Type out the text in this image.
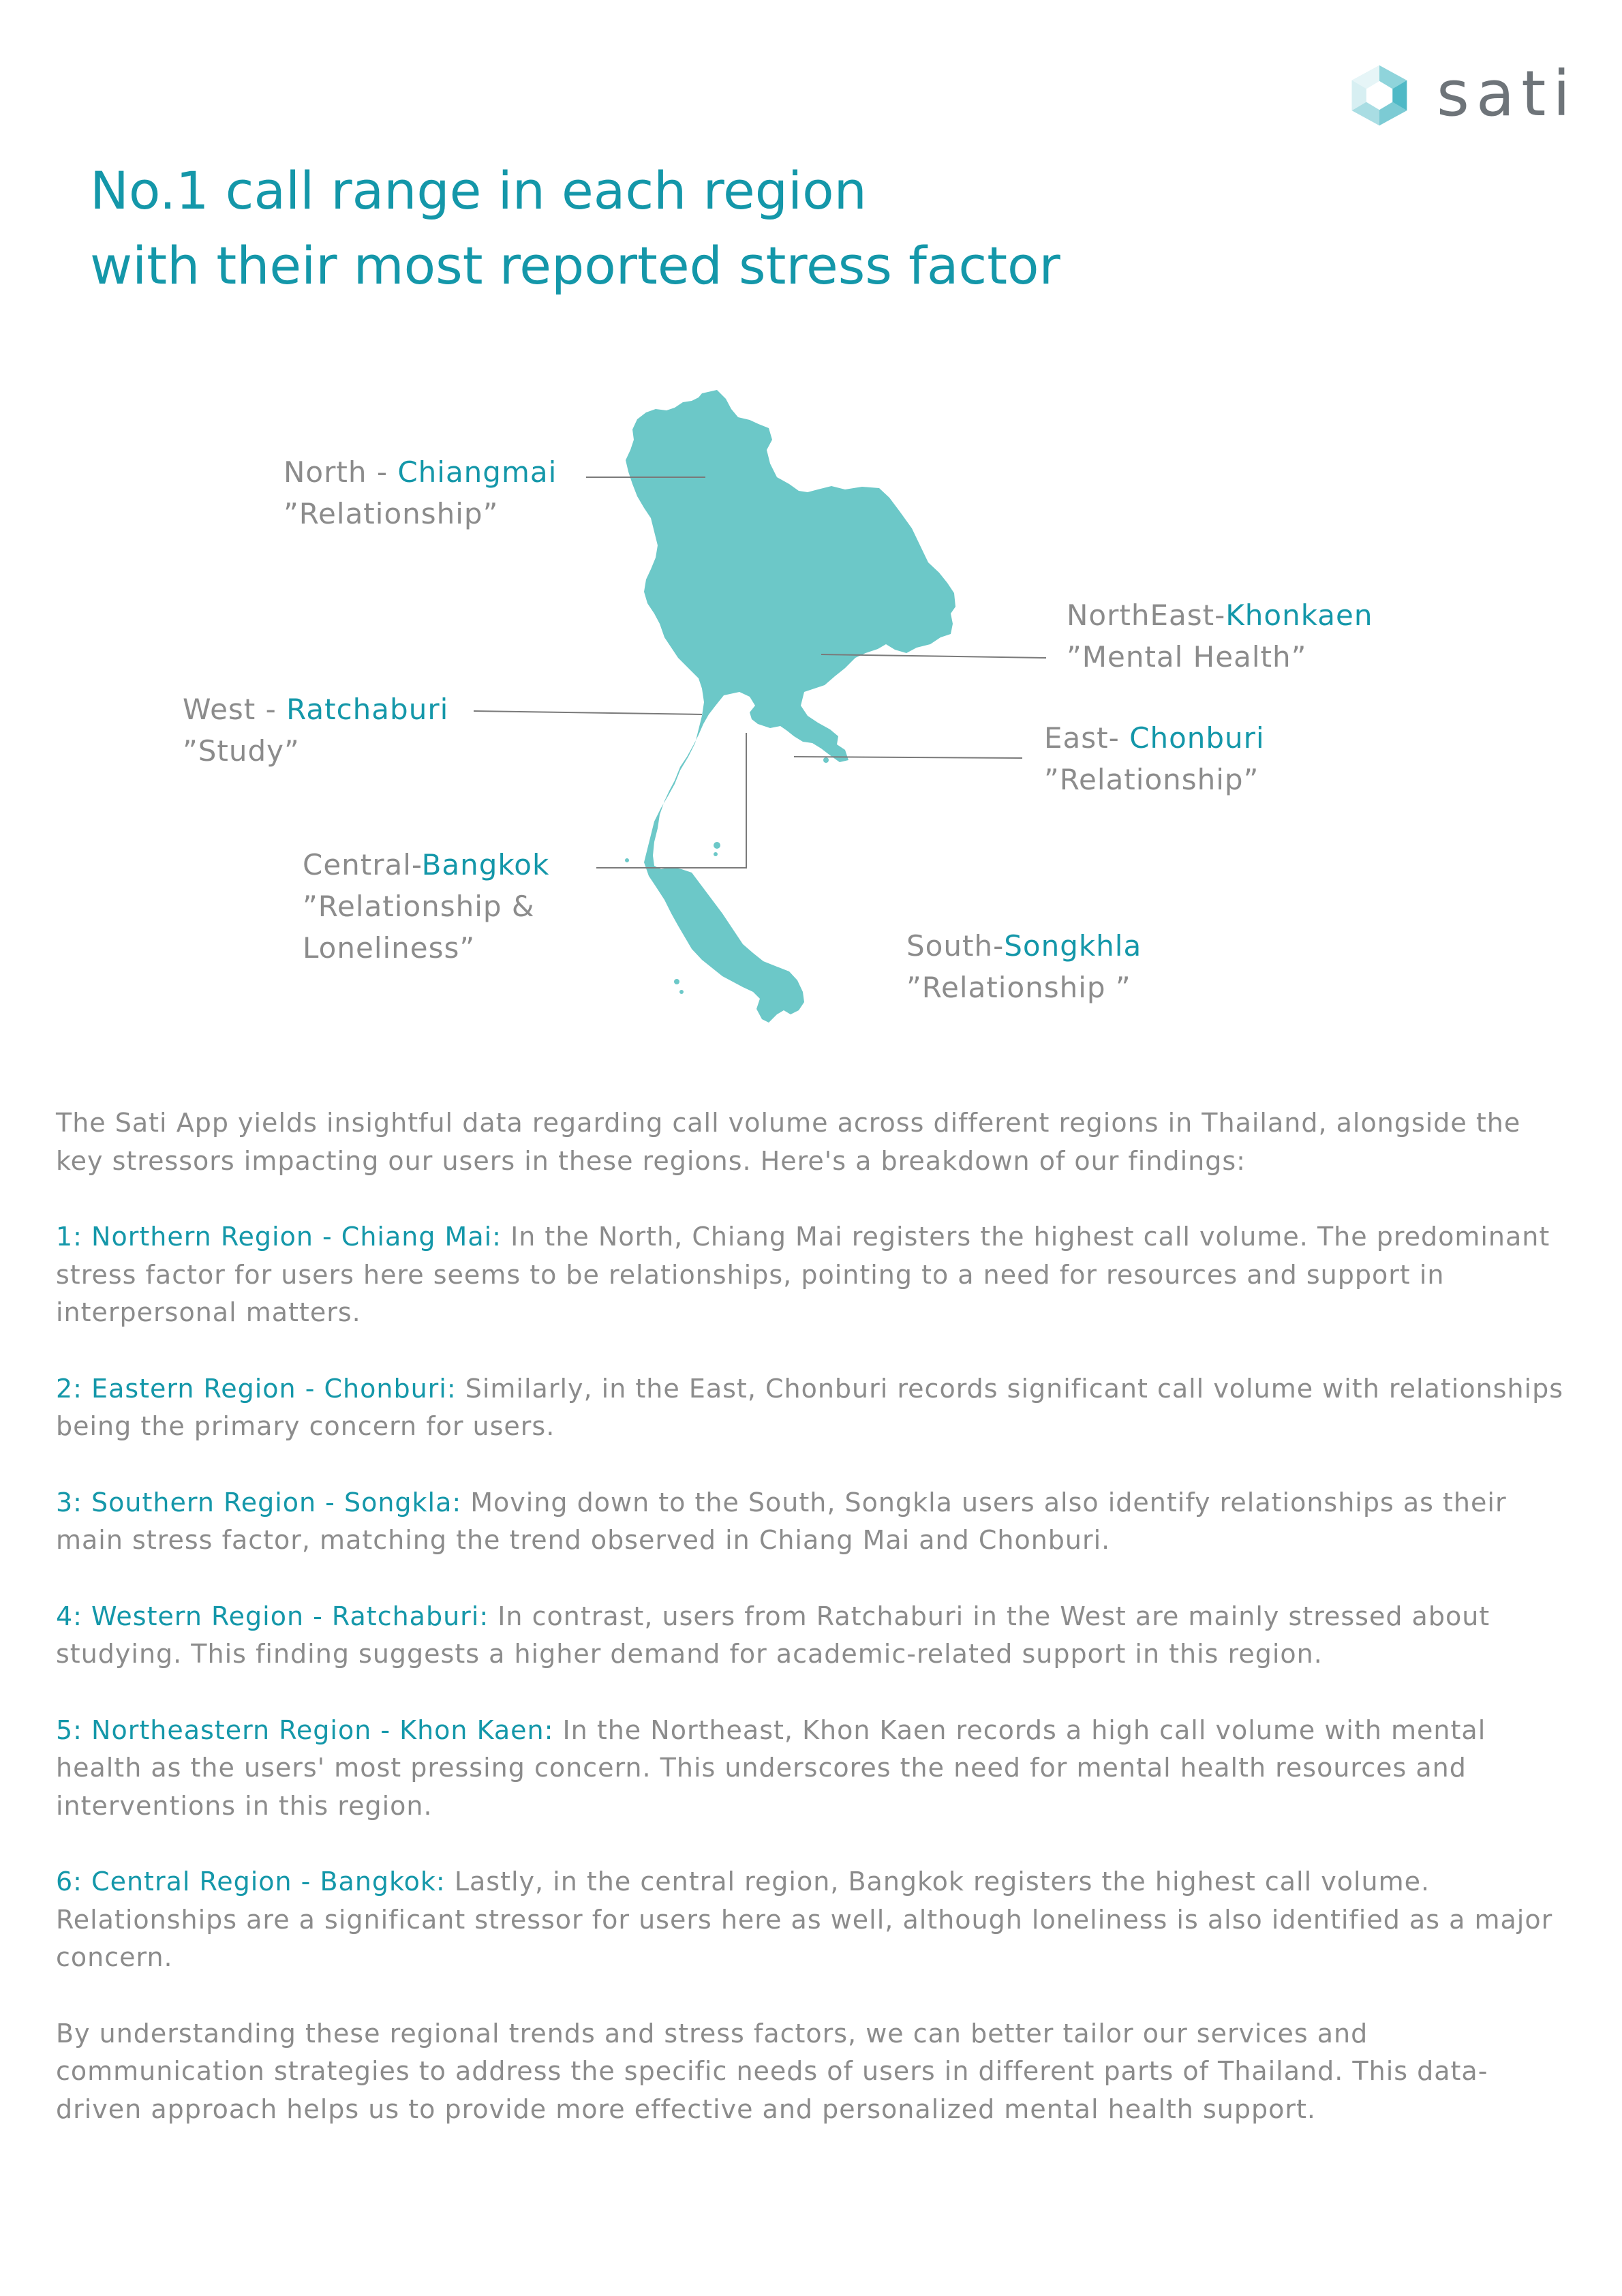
sati
No.1 call range in each region
with their most reported stress factor
North - Chiangmai
”Relationship”
NorthEast-Khonkaen
”Mental Health”
West - Ratchaburi
”Study”	East- Chonburi
”Relationship”
Central-Bangkok
”Relationship &
Loneliness”	South-Songkhla
”Relationship ”

The Sati App yields insightful data regarding call volume across different regions in Thailand, alongside the key stressors impacting our users in these regions. Here's a breakdown of our findings:

1: Northern Region - Chiang Mai: In the North, Chiang Mai registers the highest call volume. The predominant stress factor for users here seems to be relationships, pointing to a need for resources and support in interpersonal matters.

2: Eastern Region - Chonburi: Similarly, in the East, Chonburi records significant call volume with relationships being the primary concern for users.

3: Southern Region - Songkla: Moving down to the South, Songkla users also identify relationships as their main stress factor, matching the trend observed in Chiang Mai and Chonburi.

4: Western Region - Ratchaburi: In contrast, users from Ratchaburi in the West are mainly stressed about studying. This finding suggests a higher demand for academic-related support in this region.

5: Northeastern Region - Khon Kaen: In the Northeast, Khon Kaen records a high call volume with mental health as the users' most pressing concern. This underscores the need for mental health resources and interventions in this region.

6: Central Region - Bangkok: Lastly, in the central region, Bangkok registers the highest call volume. Relationships are a significant stressor for users here as well, although loneliness is also identified as a major concern.

By understanding these regional trends and stress factors, we can better tailor our services and communication strategies to address the specific needs of users in different parts of Thailand. This data-driven approach helps us to provide more effective and personalized mental health support.
